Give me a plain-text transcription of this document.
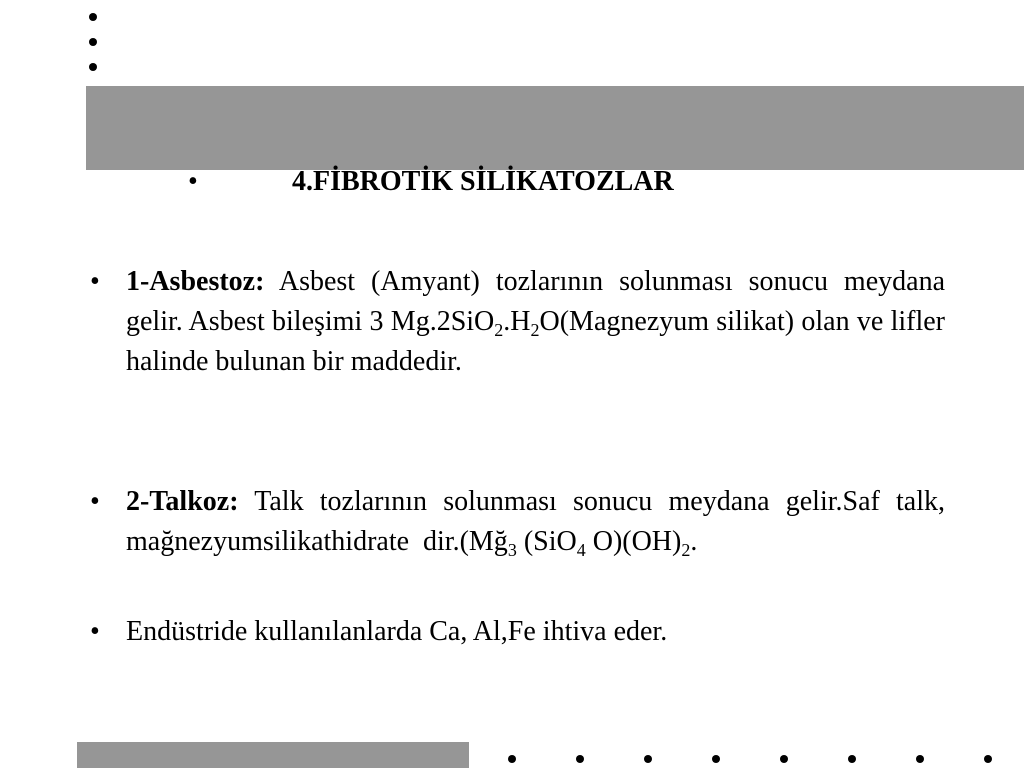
•	4.FİBROTİK SİLİKATOZLAR
• 1-Asbestoz: Asbest (Amyant) tozlarının solunması sonucu meydana gelir. Asbest bileşimi 3 $Mg.2SiO_2.H_2O(Magnezyum$ silikat) olan ve lifler halinde bulunan bir maddedir.
• 2-Talkoz: Talk tozlarının solunması sonucu meydana gelir.Saf talk, mağnezyumsilikathidrate  $dir.(Mğ_3$ (SiO$_4$ $O)(OH)_2$.
• Endüstride kullanılanlarda Ca, Al,Fe ihtiva eder.
